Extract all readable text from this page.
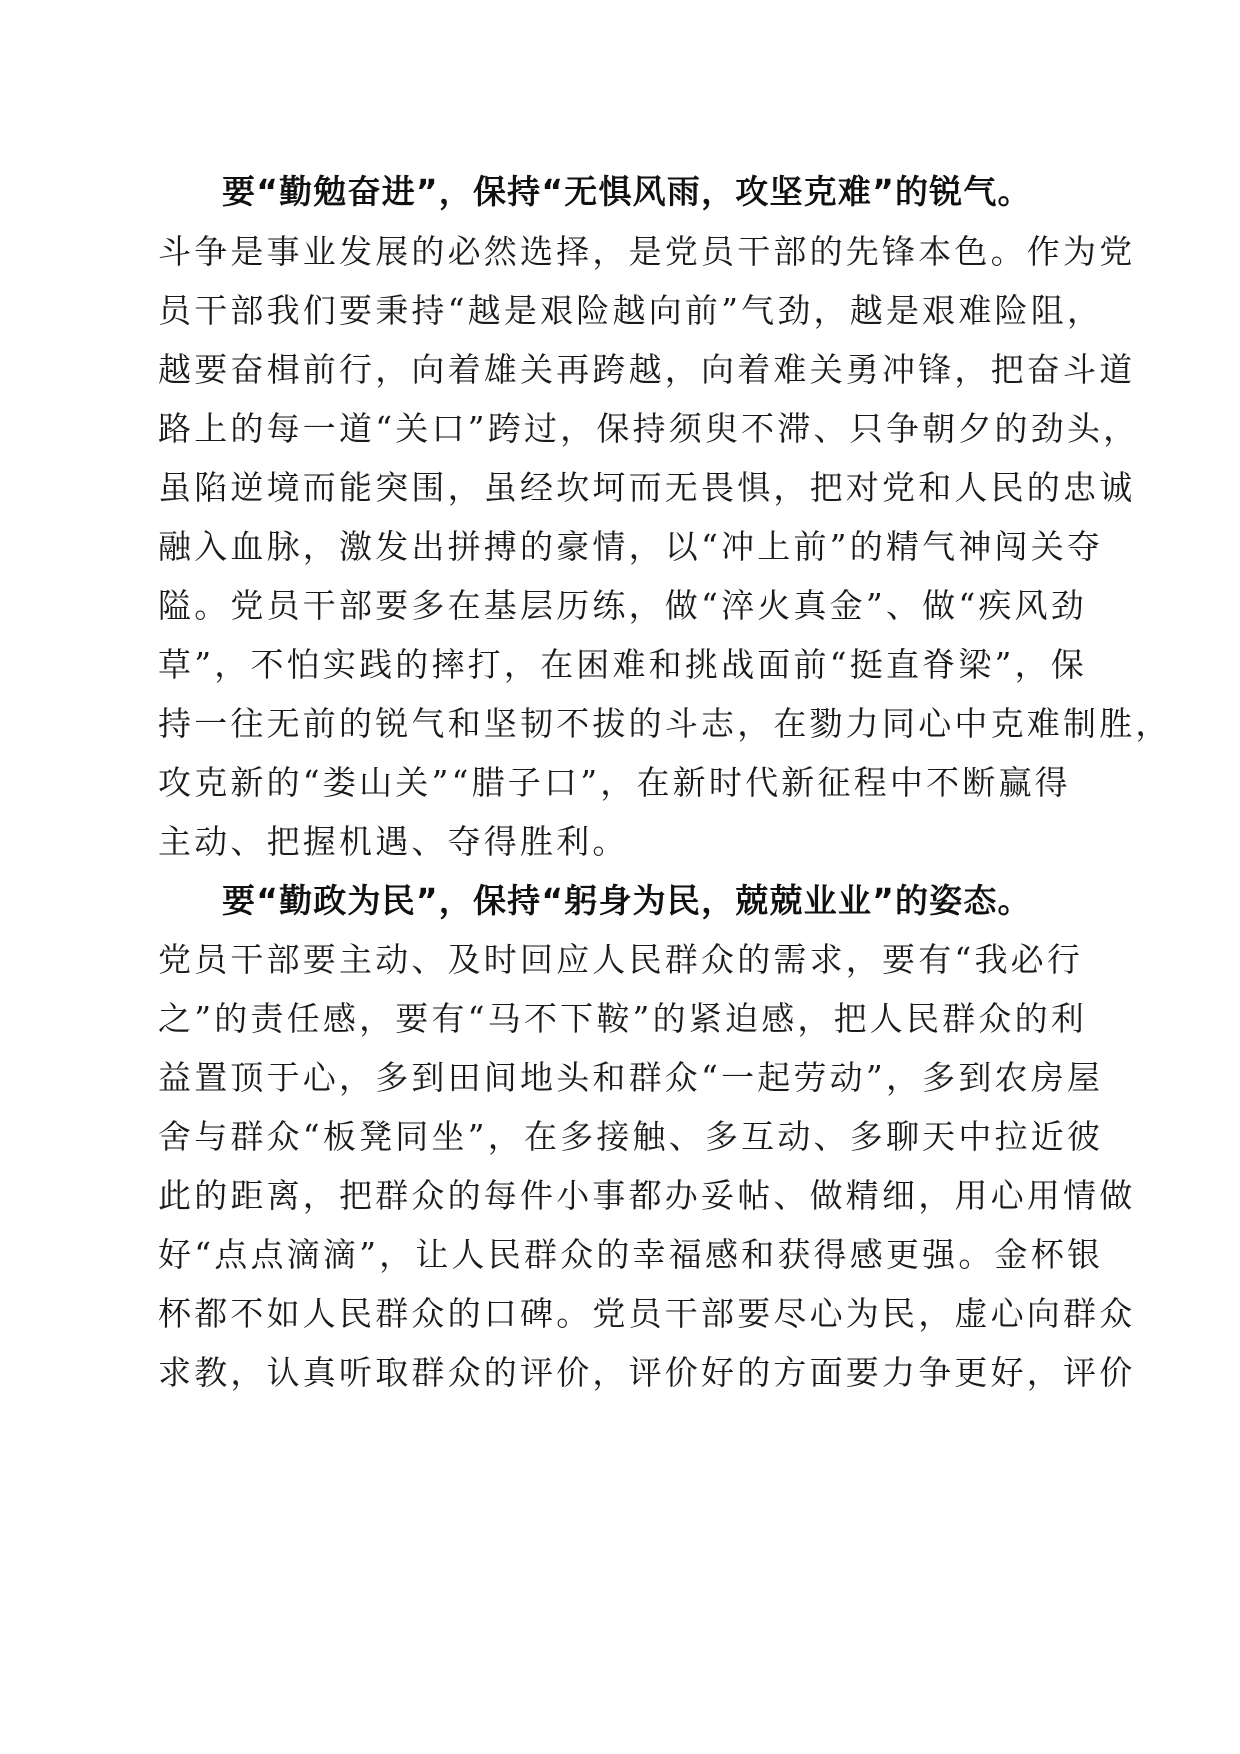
要“勤勉奋进”，保持“无惧风雨，攻坚克难”的锐气。

斗争是事业发展的必然选择，是党员干部的先锋本色。作为党

员干部我们要秉持“越是艰险越向前”气劲，越是艰难险阻，

越要奋楫前行，向着雄关再跨越，向着难关勇冲锋，把奋斗道

路上的每一道“关口”跨过，保持须臾不滞、只争朝夕的劲头，

虽陷逆境而能突围，虽经坎坷而无畏惧，把对党和人民的忠诚

融入血脉，激发出拼搏的豪情，以“冲上前”的精气神闯关夺

隘。党员干部要多在基层历练，做“淬火真金”、做“疾风劲

草”，不怕实践的摔打，在困难和挑战面前“挺直脊梁”，保

持一往无前的锐气和坚韧不拔的斗志，在勠力同心中克难制胜，

攻克新的“娄山关”“腊子口”，在新时代新征程中不断赢得

主动、把握机遇、夺得胜利。

要“勤政为民”，保持“躬身为民，兢兢业业”的姿态。

党员干部要主动、及时回应人民群众的需求，要有“我必行

之”的责任感，要有“马不下鞍”的紧迫感，把人民群众的利

益置顶于心，多到田间地头和群众“一起劳动”，多到农房屋

舍与群众“板凳同坐”，在多接触、多互动、多聊天中拉近彼

此的距离，把群众的每件小事都办妥帖、做精细，用心用情做

好“点点滴滴”，让人民群众的幸福感和获得感更强。金杯银

杯都不如人民群众的口碑。党员干部要尽心为民，虚心向群众

求教，认真听取群众的评价，评价好的方面要力争更好，评价
